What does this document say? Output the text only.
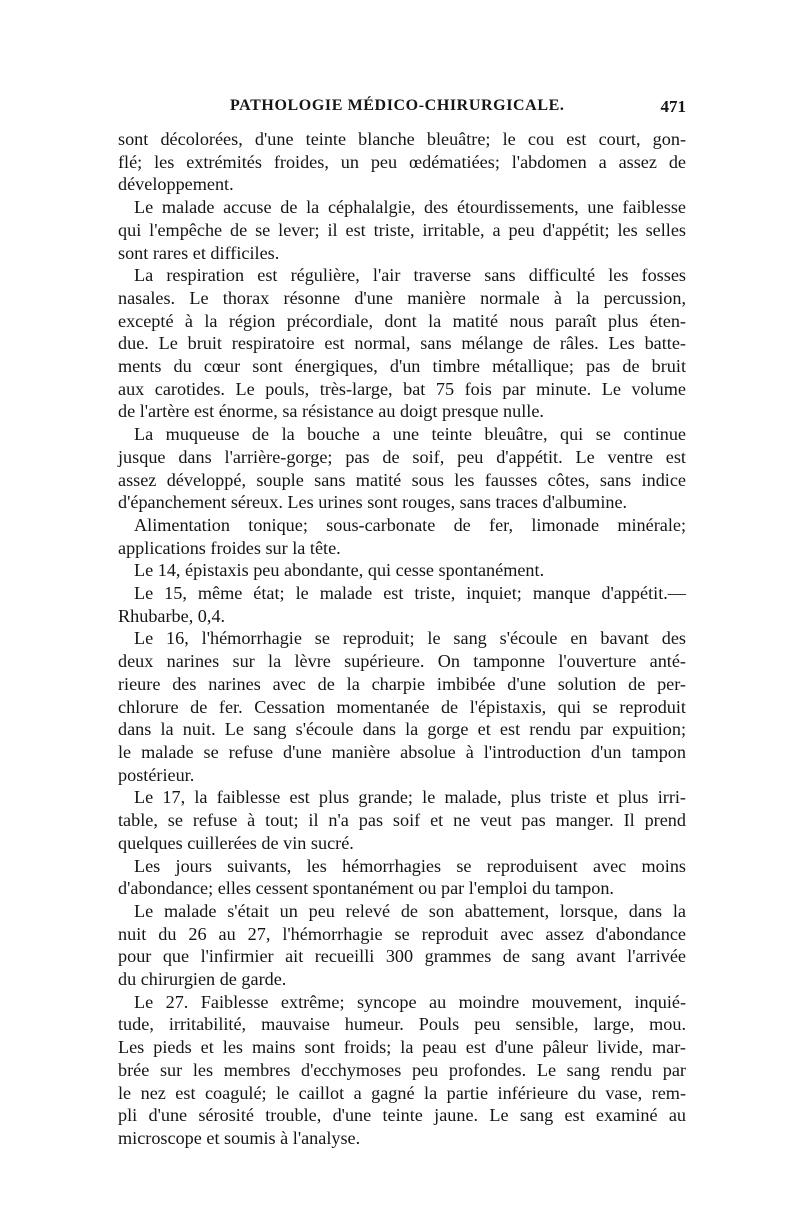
PATHOLOGIE MÉDICO-CHIRURGICALE.	471
sont décolorées, d'une teinte blanche bleuâtre; le cou est court, gon-
flé; les extrémités froides, un peu œdématiées; l'abdomen a assez de
développement.
Le malade accuse de la céphalalgie, des étourdissements, une faiblesse
qui l'empêche de se lever; il est triste, irritable, a peu d'appétit; les selles
sont rares et difficiles.
La respiration est régulière, l'air traverse sans difficulté les fosses
nasales. Le thorax résonne d'une manière normale à la percussion,
excepté à la région précordiale, dont la matité nous paraît plus éten-
due. Le bruit respiratoire est normal, sans mélange de râles. Les batte-
ments du cœur sont énergiques, d'un timbre métallique; pas de bruit
aux carotides. Le pouls, très-large, bat 75 fois par minute. Le volume
de l'artère est énorme, sa résistance au doigt presque nulle.
La muqueuse de la bouche a une teinte bleuâtre, qui se continue
jusque dans l'arrière-gorge; pas de soif, peu d'appétit. Le ventre est
assez développé, souple sans matité sous les fausses côtes, sans indice
d'épanchement séreux. Les urines sont rouges, sans traces d'albumine.
Alimentation tonique; sous-carbonate de fer, limonade minérale;
applications froides sur la tête.
Le 14, épistaxis peu abondante, qui cesse spontanément.
Le 15, même état; le malade est triste, inquiet; manque d'appétit.—
Rhubarbe, 0,4.
Le 16, l'hémorrhagie se reproduit; le sang s'écoule en bavant des
deux narines sur la lèvre supérieure. On tamponne l'ouverture anté-
rieure des narines avec de la charpie imbibée d'une solution de per-
chlorure de fer. Cessation momentanée de l'épistaxis, qui se reproduit
dans la nuit. Le sang s'écoule dans la gorge et est rendu par expuition;
le malade se refuse d'une manière absolue à l'introduction d'un tampon
postérieur.
Le 17, la faiblesse est plus grande; le malade, plus triste et plus irri-
table, se refuse à tout; il n'a pas soif et ne veut pas manger. Il prend
quelques cuillerées de vin sucré.
Les jours suivants, les hémorrhagies se reproduisent avec moins
d'abondance; elles cessent spontanément ou par l'emploi du tampon.
Le malade s'était un peu relevé de son abattement, lorsque, dans la
nuit du 26 au 27, l'hémorrhagie se reproduit avec assez d'abondance
pour que l'infirmier ait recueilli 300 grammes de sang avant l'arrivée
du chirurgien de garde.
Le 27. Faiblesse extrême; syncope au moindre mouvement, inquié-
tude, irritabilité, mauvaise humeur. Pouls peu sensible, large, mou.
Les pieds et les mains sont froids; la peau est d'une pâleur livide, mar-
brée sur les membres d'ecchymoses peu profondes. Le sang rendu par
le nez est coagulé; le caillot a gagné la partie inférieure du vase, rem-
pli d'une sérosité trouble, d'une teinte jaune. Le sang est examiné au
microscope et soumis à l'analyse.
